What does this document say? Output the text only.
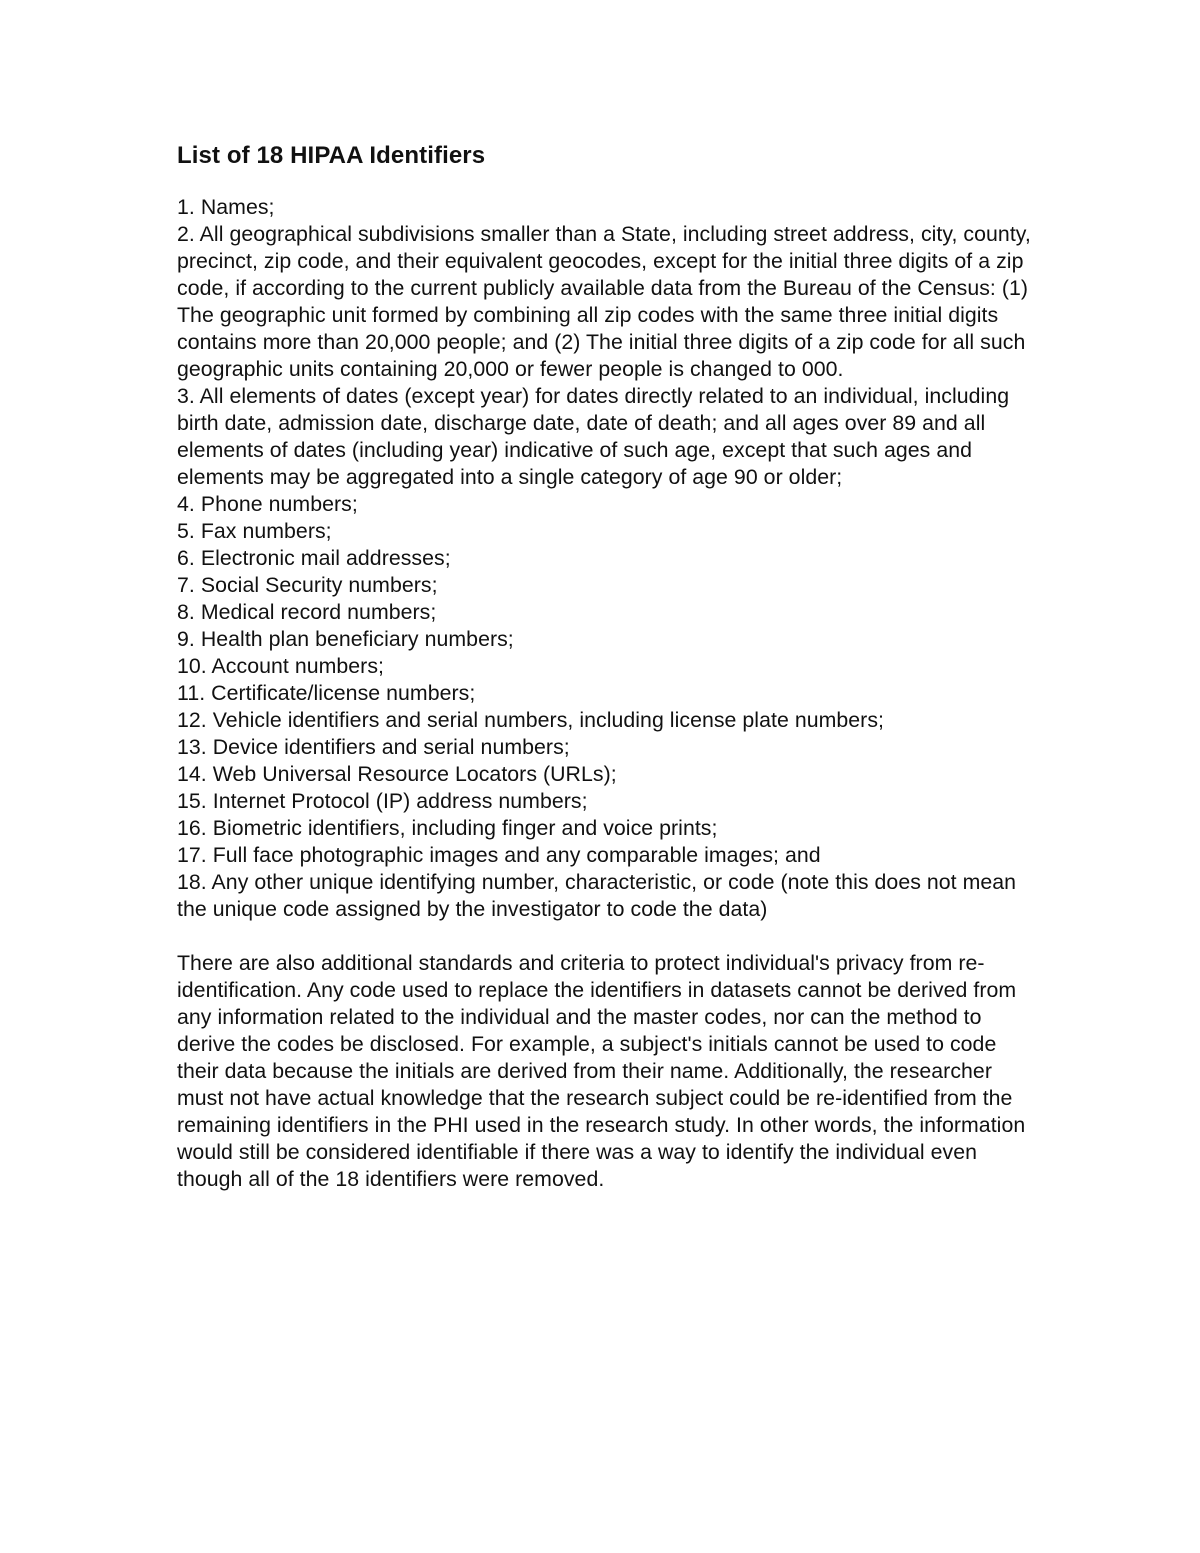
List of 18 HIPAA Identifiers
1. Names;
2. All geographical subdivisions smaller than a State, including street address, city, county, precinct, zip code, and their equivalent geocodes, except for the initial three digits of a zip code, if according to the current publicly available data from the Bureau of the Census: (1) The geographic unit formed by combining all zip codes with the same three initial digits contains more than 20,000 people; and (2) The initial three digits of a zip code for all such geographic units containing 20,000 or fewer people is changed to 000.
3. All elements of dates (except year) for dates directly related to an individual, including birth date, admission date, discharge date, date of death; and all ages over 89 and all elements of dates (including year) indicative of such age, except that such ages and elements may be aggregated into a single category of age 90 or older;
4. Phone numbers;
5. Fax numbers;
6. Electronic mail addresses;
7. Social Security numbers;
8. Medical record numbers;
9. Health plan beneficiary numbers;
10. Account numbers;
11. Certificate/license numbers;
12. Vehicle identifiers and serial numbers, including license plate numbers;
13. Device identifiers and serial numbers;
14. Web Universal Resource Locators (URLs);
15. Internet Protocol (IP) address numbers;
16. Biometric identifiers, including finger and voice prints;
17. Full face photographic images and any comparable images; and
18. Any other unique identifying number, characteristic, or code (note this does not mean the unique code assigned by the investigator to code the data)

There are also additional standards and criteria to protect individual's privacy from re-identification. Any code used to replace the identifiers in datasets cannot be derived from any information related to the individual and the master codes, nor can the method to derive the codes be disclosed. For example, a subject's initials cannot be used to code their data because the initials are derived from their name. Additionally, the researcher must not have actual knowledge that the research subject could be re-identified from the remaining identifiers in the PHI used in the research study. In other words, the information would still be considered identifiable if there was a way to identify the individual even though all of the 18 identifiers were removed.
